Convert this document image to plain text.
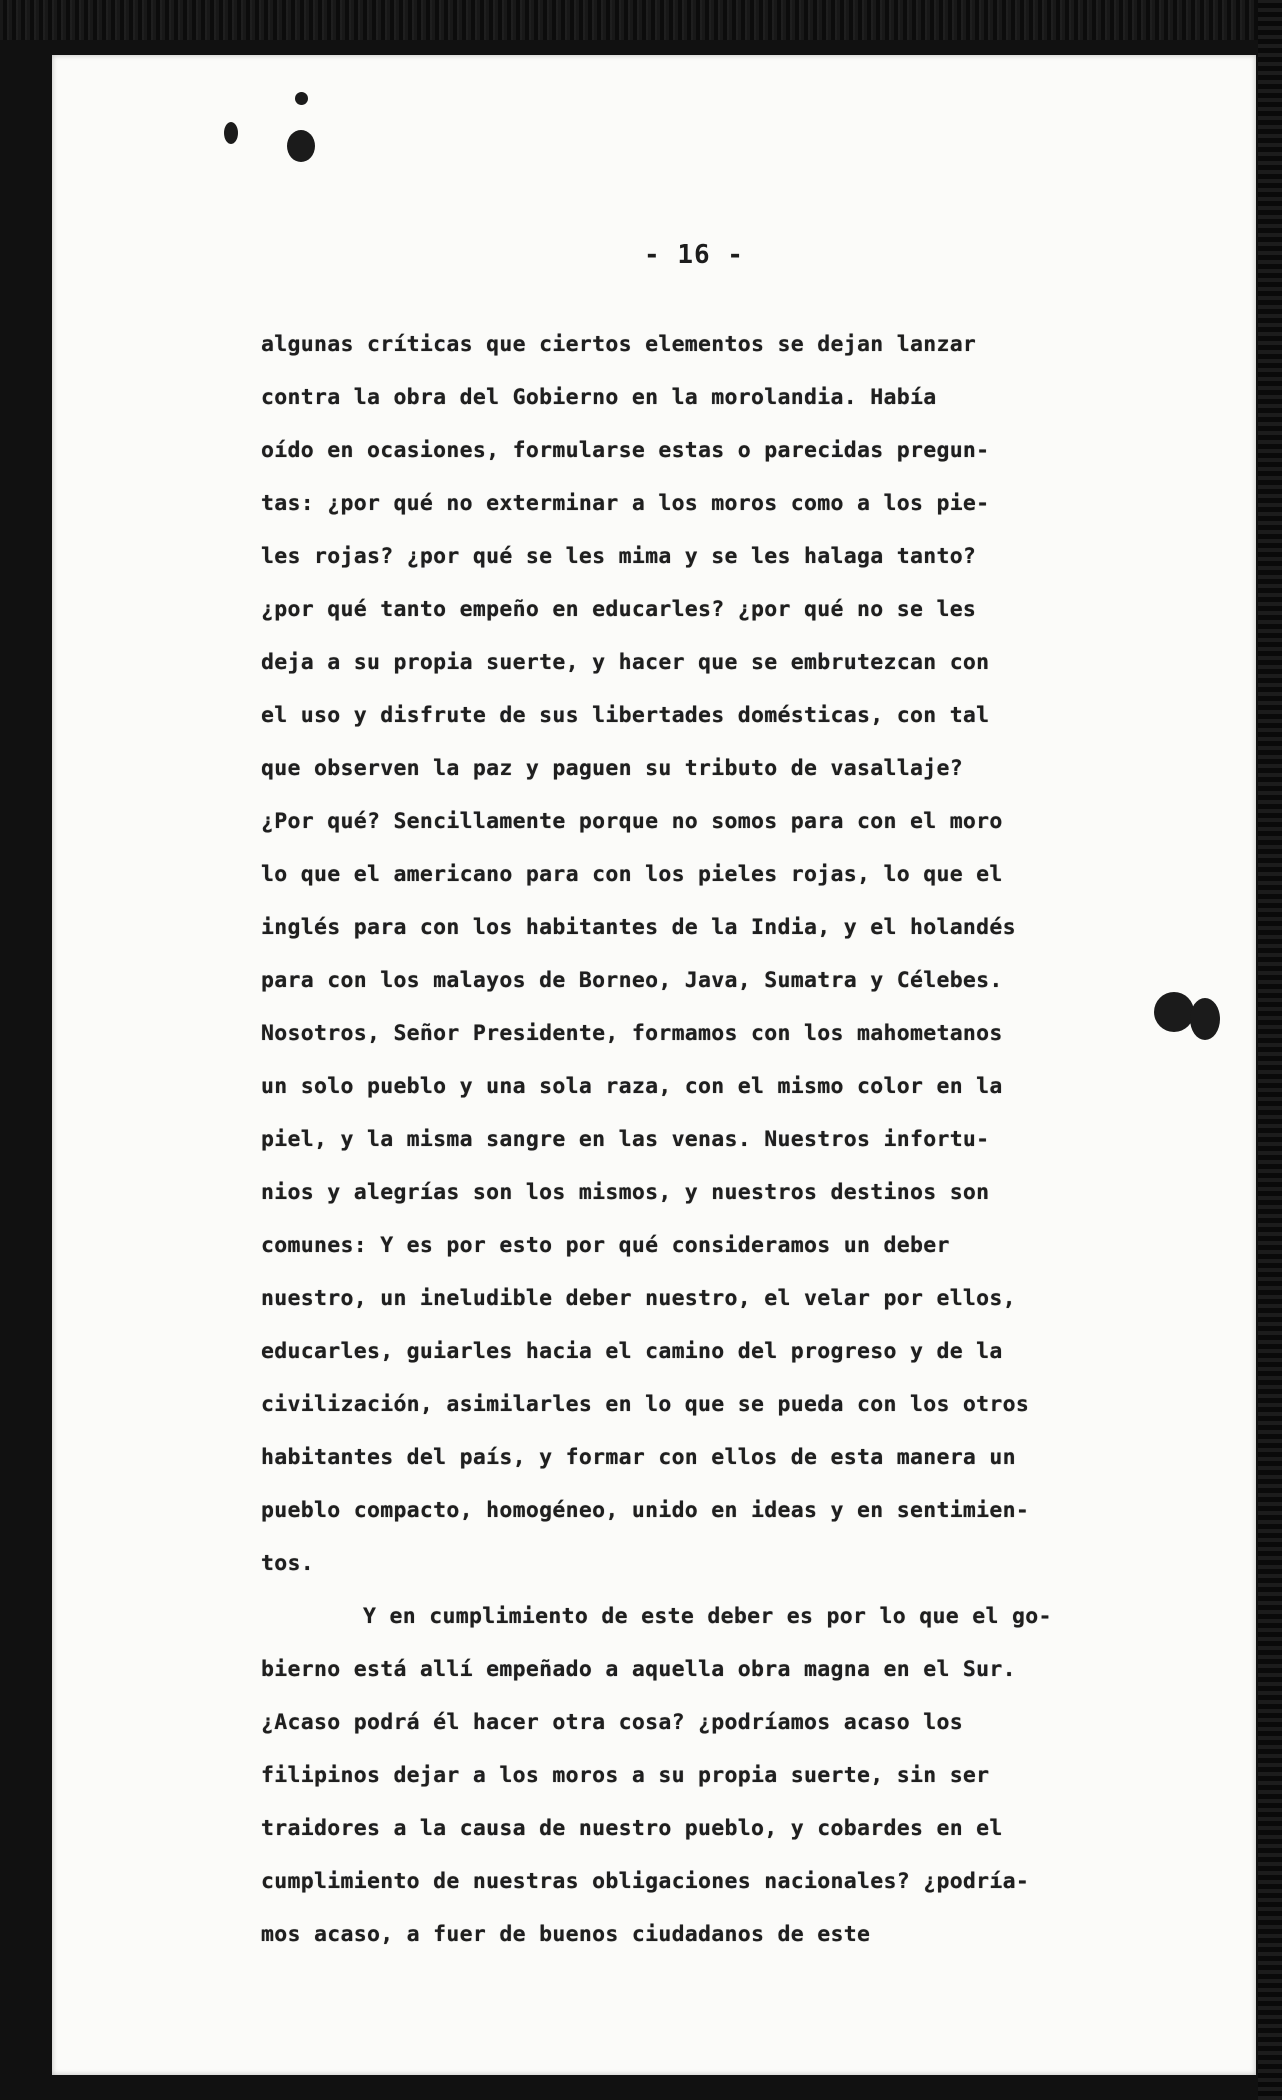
- 16 -
algunas críticas que ciertos elementos se dejan lanzar
contra la obra del Gobierno en la morolandia. Había
oído en ocasiones, formularse estas o parecidas pregun-
tas: ¿por qué no exterminar a los moros como a los pie-
les rojas? ¿por qué se les mima y se les halaga tanto?
¿por qué tanto empeño en educarles? ¿por qué no se les
deja a su propia suerte, y hacer que se embrutezcan con
el uso y disfrute de sus libertades domésticas, con tal
que observen la paz y paguen su tributo de vasallaje?
¿Por qué? Sencillamente porque no somos para con el moro
lo que el americano para con los pieles rojas, lo que el
inglés para con los habitantes de la India, y el holandés
para con los malayos de Borneo, Java, Sumatra y Célebes.
Nosotros, Señor Presidente, formamos con los mahometanos
un solo pueblo y una sola raza, con el mismo color en la
piel, y la misma sangre en las venas. Nuestros infortu-
nios y alegrías son los mismos, y nuestros destinos son
comunes: Y es por esto por qué consideramos un deber
nuestro, un ineludible deber nuestro, el velar por ellos,
educarles, guiarles hacia el camino del progreso y de la
civilización, asimilarles en lo que se pueda con los otros
habitantes del país, y formar con ellos de esta manera un
pueblo compacto, homogéneo, unido en ideas y en sentimien-
tos.
Y en cumplimiento de este deber es por lo que el go-
bierno está allí empeñado a aquella obra magna en el Sur.
¿Acaso podrá él hacer otra cosa? ¿podríamos acaso los
filipinos dejar a los moros a su propia suerte, sin ser
traidores a la causa de nuestro pueblo, y cobardes en el
cumplimiento de nuestras obligaciones nacionales? ¿podría-
mos acaso, a fuer de buenos ciudadanos de este
